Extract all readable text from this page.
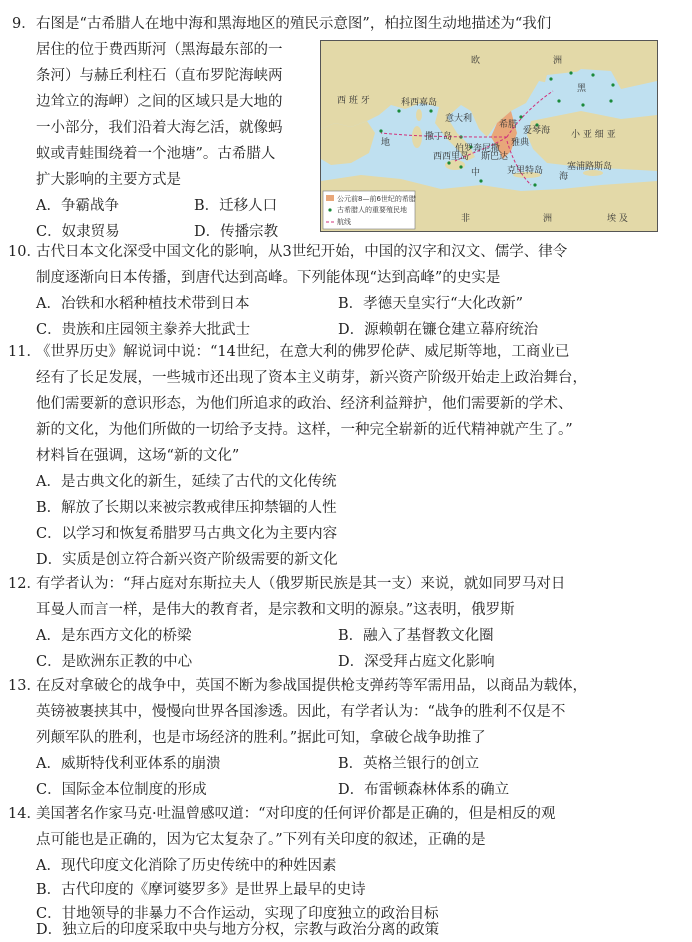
9． 右图是“古希腊人在地中海和黑海地区的殖民示意图”，柏拉图生动地描述为“我们
居住的位于费西斯河（黑海最东部的一
条河）与赫丘利柱石（直布罗陀海峡两
边耸立的海岬）之间的区域只是大地的
一小部分，我们沿着大海乞活，就像蚂
蚁或青蛙围绕着一个池塘”。古希腊人
扩大影响的主要方式是
A．争霸战争	B．迁移人口
C．奴隶贸易	D．传播宗教
欧	洲
西 班 牙	科西嘉岛
撒丁岛
意大利
西西里岛
希腊
伯罗奔尼撒
雅典
斯巴达
爱琴海 小 亚 细 亚
克里特岛	塞浦路斯岛
地
中	海
黑
非	洲	埃 及
公元前8—前6世纪的希腊
古希腊人的重要殖民地
航线
10．
古代日本文化深受中国文化的影响，从3世纪开始，中国的汉字和汉文、儒学、律令
制度逐渐向日本传播，到唐代达到高峰。下列能体现“达到高峰”的史实是
A．冶铁和水稻种植技术带到日本	B．孝德天皇实行“大化改新”
C．贵族和庄园领主豢养大批武士	D．源赖朝在镰仓建立幕府统治
11．
《世界历史》解说词中说：“14世纪，在意大利的佛罗伦萨、威尼斯等地，工商业已
经有了长足发展，一些城市还出现了资本主义萌芽，新兴资产阶级开始走上政治舞台，
他们需要新的意识形态，为他们所追求的政治、经济利益辩护，他们需要新的学术、
新的文化，为他们所做的一切给予支持。这样，一种完全崭新的近代精神就产生了。”
材料旨在强调，这场“新的文化”
A．是古典文化的新生，延续了古代的文化传统
B．解放了长期以来被宗教戒律压抑禁锢的人性
C．以学习和恢复希腊罗马古典文化为主要内容
D．实质是创立符合新兴资产阶级需要的新文化
12．
有学者认为：“拜占庭对东斯拉夫人（俄罗斯民族是其一支）来说，就如同罗马对日
耳曼人而言一样，是伟大的教育者，是宗教和文明的源泉。”这表明，俄罗斯
A．是东西方文化的桥梁	B．融入了基督教文化圈
C．是欧洲东正教的中心	D．深受拜占庭文化影响
13．
在反对拿破仑的战争中，英国不断为参战国提供枪支弹药等军需用品，以商品为载体，
英镑被裹挟其中，慢慢向世界各国渗透。因此，有学者认为：“战争的胜利不仅是不
列颠军队的胜利，也是市场经济的胜利。”据此可知，拿破仑战争助推了
A．威斯特伐利亚体系的崩溃	B．英格兰银行的创立
C．国际金本位制度的形成	D．布雷顿森林体系的确立
14．
美国著名作家马克·吐温曾感叹道：“对印度的任何评价都是正确的，但是相反的观
点可能也是正确的，因为它太复杂了。”下列有关印度的叙述，正确的是
A．现代印度文化消除了历史传统中的种姓因素
B．古代印度的《摩诃婆罗多》是世界上最早的史诗
C．甘地领导的非暴力不合作运动，实现了印度独立的政治目标
D．独立后的印度采取中央与地方分权，宗教与政治分离的政策
